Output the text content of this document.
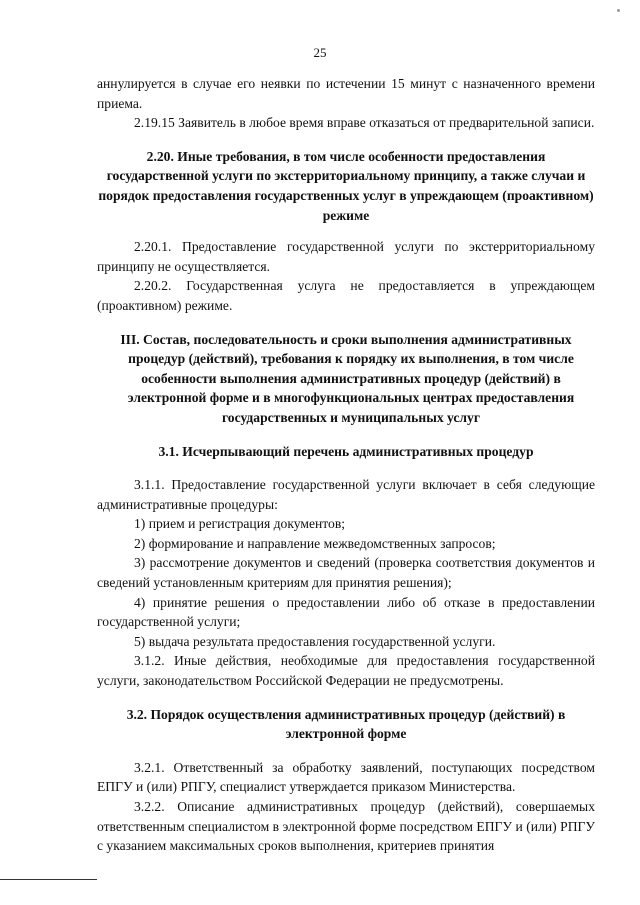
25

аннулируется в случае его неявки по истечении 15 минут с назначенного времени приема.

2.19.15 Заявитель в любое время вправе отказаться от предварительной записи.

2.20. Иные требования, в том числе особенности предоставления государственной услуги по экстерриториальному принципу, а также случаи и порядок предоставления государственных услуг в упреждающем (проактивном) режиме

2.20.1. Предоставление государственной услуги по экстерриториальному принципу не осуществляется.

2.20.2. Государственная услуга не предоставляется в упреждающем (проактивном) режиме.

III. Состав, последовательность и сроки выполнения административных процедур (действий), требования к порядку их выполнения, в том числе особенности выполнения административных процедур (действий) в электронной форме и в многофункциональных центрах предоставления государственных и муниципальных услуг

3.1. Исчерпывающий перечень административных процедур

3.1.1. Предоставление государственной услуги включает в себя следующие административные процедуры:

1) прием и регистрация документов;

2) формирование и направление межведомственных запросов;

3) рассмотрение документов и сведений (проверка соответствия документов и сведений установленным критериям для принятия решения);

4) принятие решения о предоставлении либо об отказе в предоставлении государственной услуги;

5) выдача результата предоставления государственной услуги.

3.1.2. Иные действия, необходимые для предоставления государственной услуги, законодательством Российской Федерации не предусмотрены.

3.2. Порядок осуществления административных процедур (действий) в электронной форме

3.2.1. Ответственный за обработку заявлений, поступающих посредством ЕПГУ и (или) РПГУ, специалист утверждается приказом Министерства.

3.2.2. Описание административных процедур (действий), совершаемых ответственным специалистом в электронной форме посредством ЕПГУ и (или) РПГУ с указанием максимальных сроков выполнения, критериев принятия
